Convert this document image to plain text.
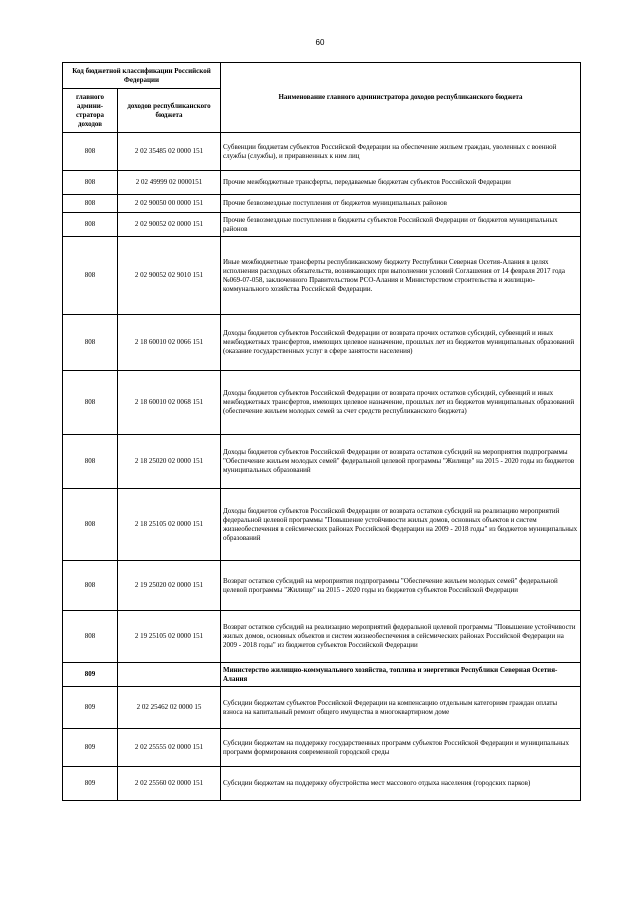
60
Код бюджетной классификации Российской Федерации		Наименование главного администратора доходов республиканского бюджета
главного админи-стратора доходов	доходов республиканского бюджета	
808	2 02 35485 02 0000 151	Субвенции бюджетам субъектов Российской Федерации на обеспечение жильем граждан, уволенных с военной службы (службы), и приравненных к ним лиц
808	2 02 49999 02 0000151	Прочие межбюджетные трансферты, передаваемые бюджетам субъектов Российской Федерации
808	2 02 90050 00 0000 151	Прочие безвозмездные поступления от бюджетов муниципальных районов
808	2 02 90052 02 0000 151	Прочие безвозмездные поступления в бюджеты субъектов Российской Федерации от бюджетов муниципальных районов
808	2 02 90052 02 9010 151	Иные межбюджетные трансферты республиканскому бюджету Республики Северная Осетия-Алания в целях исполнения расходных обязательств, возникающих при выполнении условий Соглашения от 14 февраля 2017 года №069-07-058, заключенного Правительством РСО-Алания и Министерством строительства и жилищно-коммунального хозяйства Российской Федерации.
808	2 18 60010 02 0066 151	Доходы бюджетов субъектов Российской Федерации от возврата прочих остатков субсидий, субвенций и иных межбюджетных трансфертов, имеющих целевое назначение, прошлых лет из бюджетов муниципальных образований (оказание государственных услуг в сфере занятости населения)
808	2 18 60010 02 0068 151	Доходы бюджетов субъектов Российской Федерации от возврата прочих остатков субсидий, субвенций и иных межбюджетных трансфертов, имеющих целевое назначение, прошлых лет из бюджетов муниципальных образований (обеспечение жильем молодых семей за счет средств республиканского бюджета)
808	2 18 25020 02 0000 151	Доходы бюджетов субъектов Российской Федерации от возврата остатков субсидий на мероприятия подпрограммы "Обеспечение жильем молодых семей" федеральной целевой программы "Жилище" на 2015 - 2020 годы из бюджетов муниципальных образований
808	2 18 25105 02 0000 151	Доходы бюджетов субъектов Российской Федерации от возврата остатков субсидий на реализацию мероприятий федеральной целевой программы "Повышение устойчивости жилых домов, основных объектов и систем жизнеобеспечения в сейсмических районах Российской Федерации на 2009 - 2018 годы" из бюджетов муниципальных образований
808	2 19 25020 02 0000 151	Возврат остатков субсидий на мероприятия подпрограммы "Обеспечение жильем молодых семей" федеральной целевой программы "Жилище" на 2015 - 2020 годы из бюджетов субъектов Российской Федерации
808	2 19 25105 02 0000 151	Возврат остатков субсидий на реализацию мероприятий федеральной целевой программы "Повышение устойчивости жилых домов, основных объектов и систем жизнеобеспечения в сейсмических районах Российской Федерации на 2009 - 2018 годы" из бюджетов субъектов Российской Федерации
809		Министерство жилищно-коммунального хозяйства, топлива и энергетики Республики Северная Осетия-Алания
809	2 02 25462 02 0000 15	Субсидии бюджетам субъектов Российской Федерации на компенсацию отдельным категориям граждан оплаты взноса на капитальный ремонт общего имущества в многоквартирном доме
809	2 02 25555 02 0000 151	Субсидии бюджетам на поддержку государственных программ субъектов Российской Федерации и муниципальных программ формирования современной городской среды
809	2 02 25560 02 0000 151	Субсидии бюджетам на поддержку обустройства мест массового отдыха населения (городских парков)
